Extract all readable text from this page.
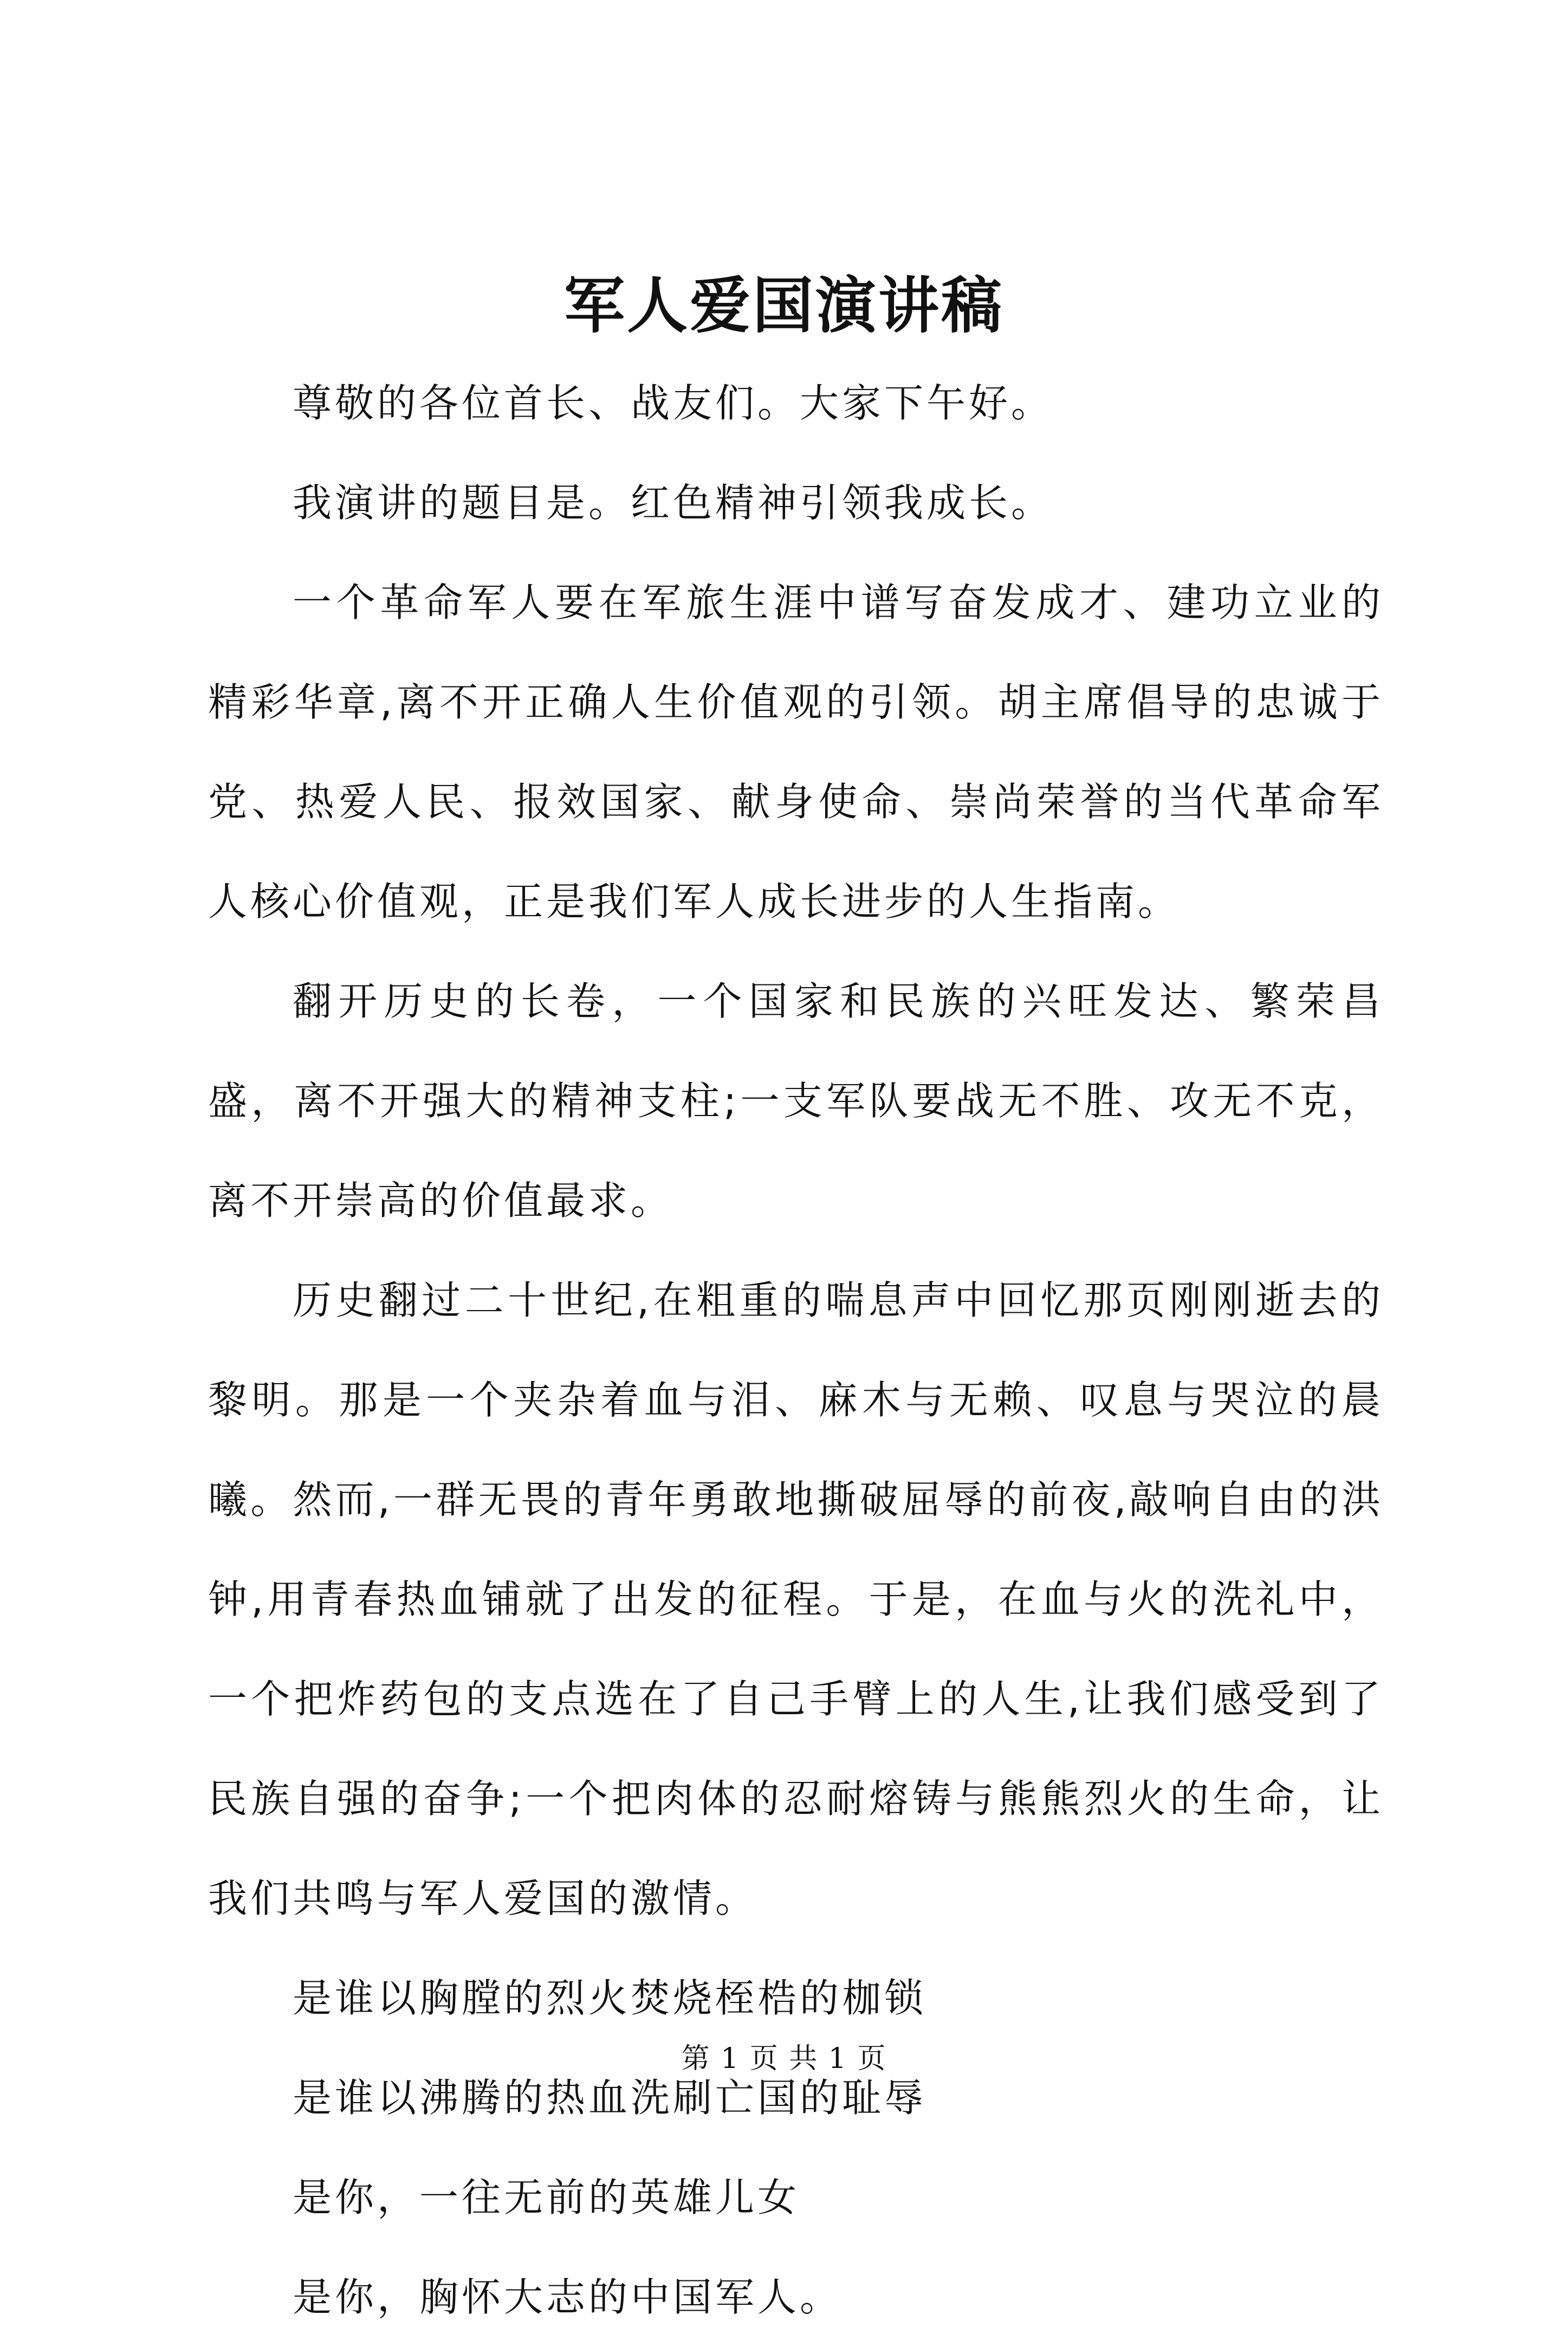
军人爱国演讲稿

尊敬的各位首长、战友们。大家下午好。

我演讲的题目是。红色精神引领我成长。

一个革命军人要在军旅生涯中谱写奋发成才、建功立业的精彩华章,离不开正确人生价值观的引领。胡主席倡导的忠诚于党、热爱人民、报效国家、献身使命、崇尚荣誉的当代革命军人核心价值观，正是我们军人成长进步的人生指南。

翻开历史的长卷，一个国家和民族的兴旺发达、繁荣昌盛，离不开强大的精神支柱;一支军队要战无不胜、攻无不克，离不开崇高的价值最求。

历史翻过二十世纪,在粗重的喘息声中回忆那页刚刚逝去的黎明。那是一个夹杂着血与泪、麻木与无赖、叹息与哭泣的晨曦。然而,一群无畏的青年勇敢地撕破屈辱的前夜,敲响自由的洪钟,用青春热血铺就了出发的征程。于是，在血与火的洗礼中，一个把炸药包的支点选在了自己手臂上的人生,让我们感受到了民族自强的奋争;一个把肉体的忍耐熔铸与熊熊烈火的生命，让我们共鸣与军人爱国的激情。

是谁以胸膛的烈火焚烧桎梏的枷锁

是谁以沸腾的热血洗刷亡国的耻辱

是你，一往无前的英雄儿女

是你，胸怀大志的中国军人。

第 1 页 共 1 页
